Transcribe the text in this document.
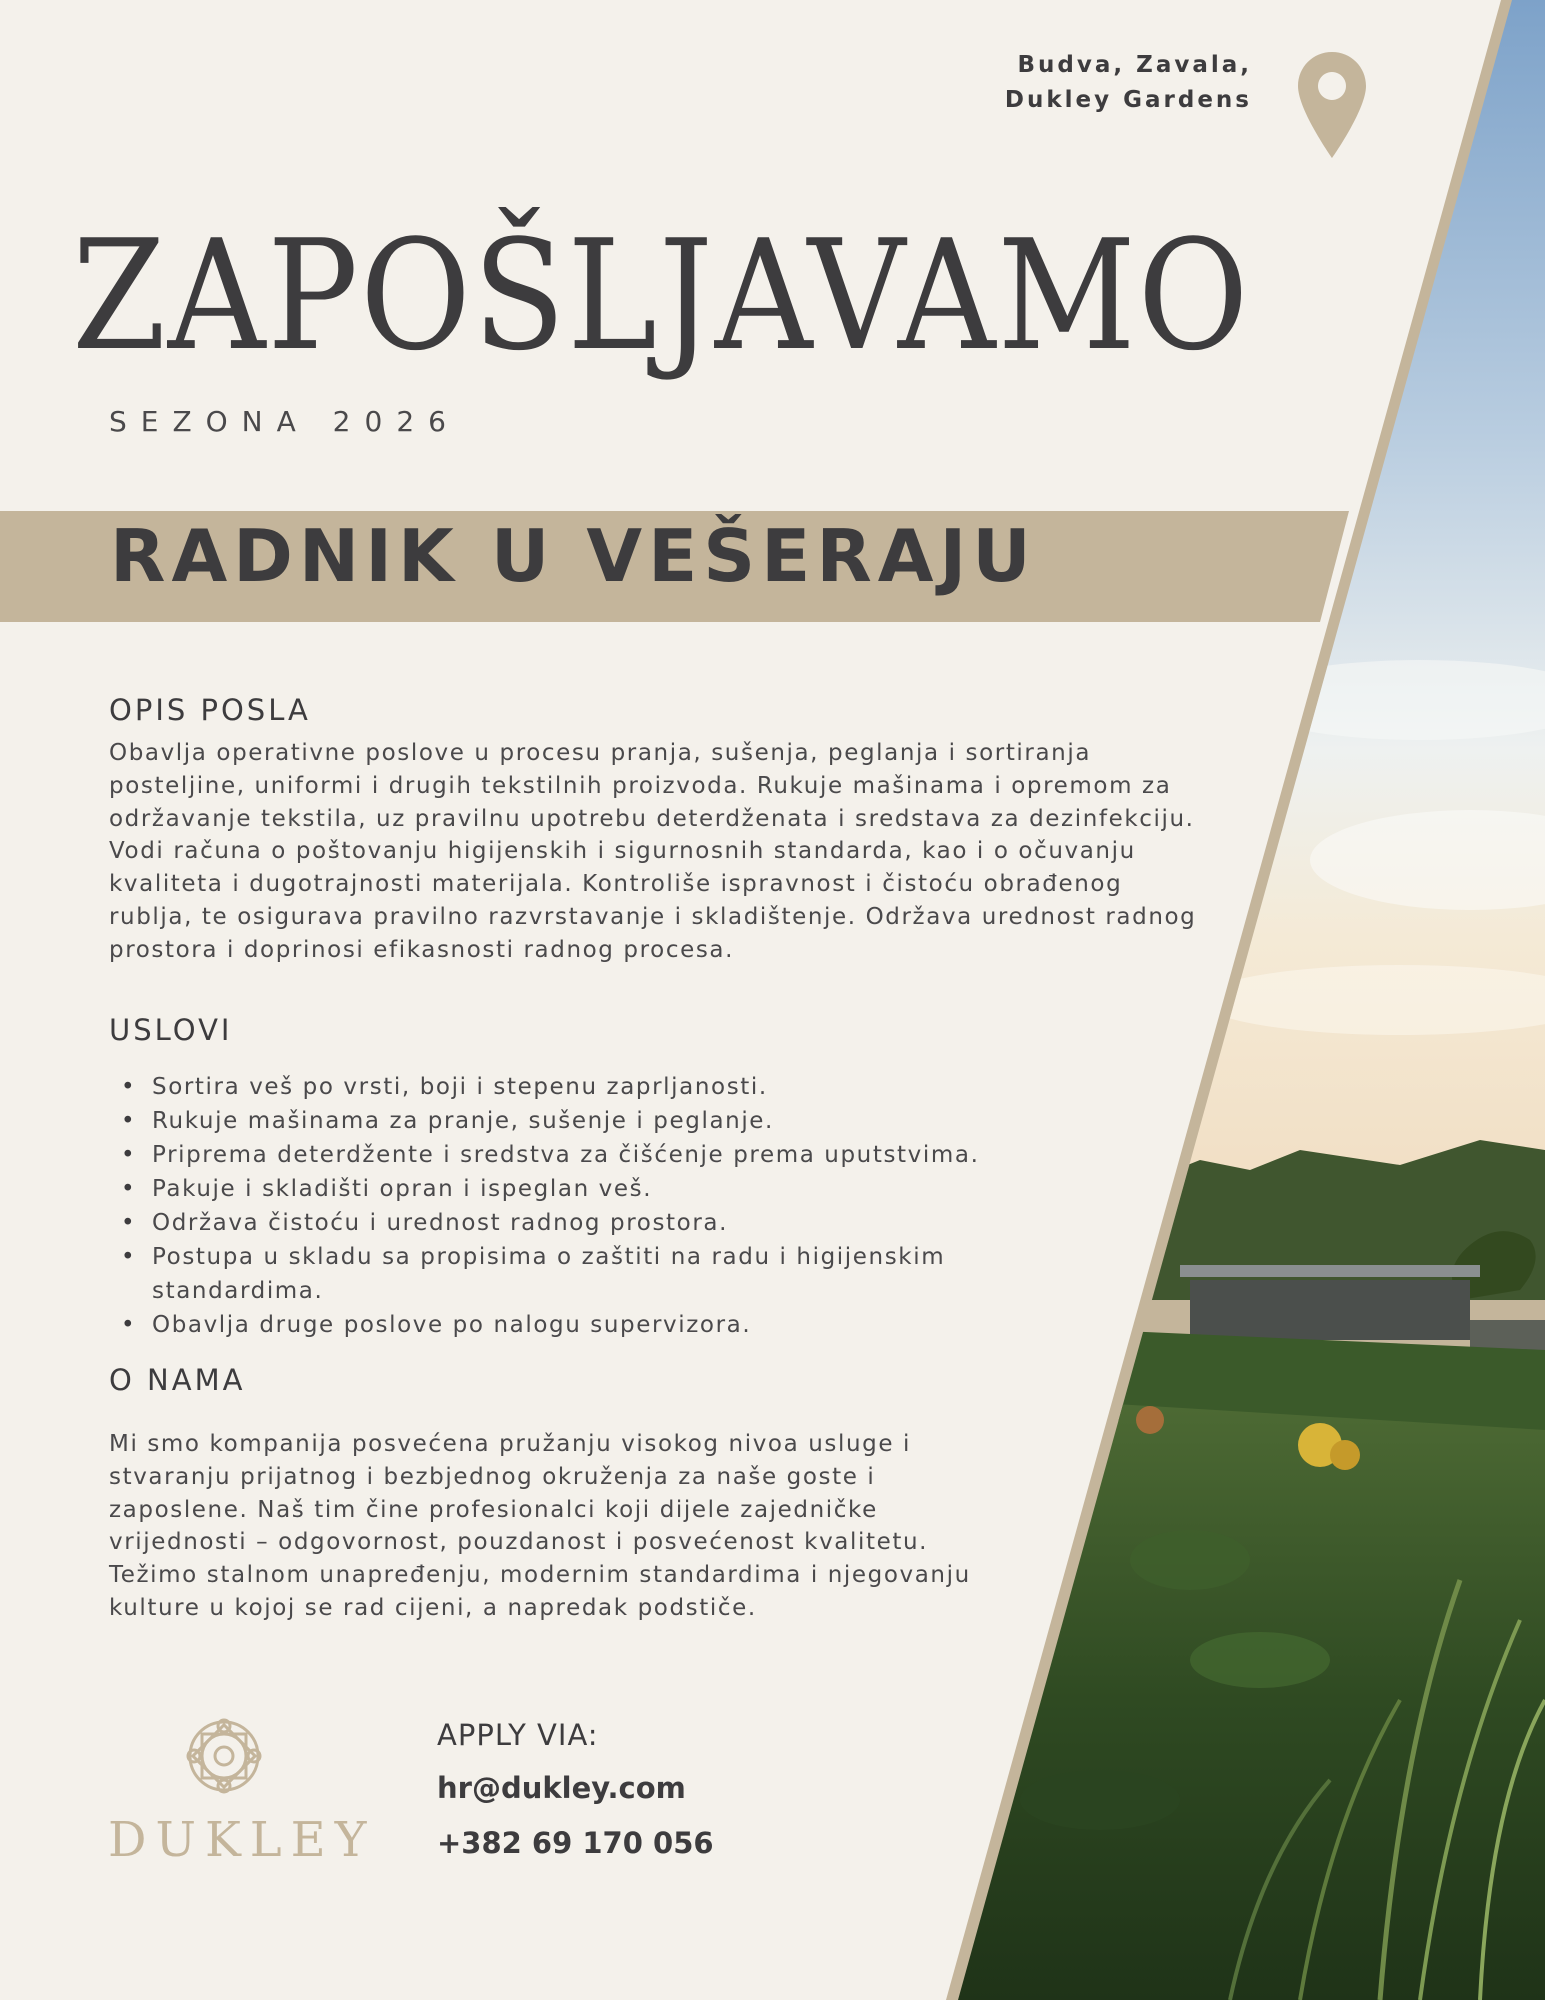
Budva, Zavala,
Dukley Gardens
ZAPOŠLJAVAMO
SEZONA 2026
RADNIK U VEŠERAJU
OPIS POSLA
Obavlja operativne poslove u procesu pranja, sušenja, peglanja i sortiranja posteljine, uniformi i drugih tekstilnih proizvoda. Rukuje mašinama i opremom za održavanje tekstila, uz pravilnu upotrebu deterdženata i sredstava za dezinfekciju. Vodi računa o poštovanju higijenskih i sigurnosnih standarda, kao i o očuvanju kvaliteta i dugotrajnosti materijala. Kontroliše ispravnost i čistoću obrađenog rublja, te osigurava pravilno razvrstavanje i skladištenje. Održava urednost radnog prostora i doprinosi efikasnosti radnog procesa.
USLOVI
• Sortira veš po vrsti, boji i stepenu zaprljanosti.
• Rukuje mašinama za pranje, sušenje i peglanje.
• Priprema deterdžente i sredstva za čišćenje prema uputstvima.
• Pakuje i skladišti opran i ispeglan veš.
• Održava čistoću i urednost radnog prostora.
• Postupa u skladu sa propisima o zaštiti na radu i higijenskim standardima.
• Obavlja druge poslove po nalogu supervizora.
O NAMA
Mi smo kompanija posvećena pružanju visokog nivoa usluge i stvaranju prijatnog i bezbjednog okruženja za naše goste i zaposlene. Naš tim čine profesionalci koji dijele zajedničke vrijednosti – odgovornost, pouzdanost i posvećenost kvalitetu. Težimo stalnom unapređenju, modernim standardima i njegovanju kulture u kojoj se rad cijeni, a napredak podstiče.
DUKLEY
APPLY VIA:
hr@dukley.com
+382 69 170 056
